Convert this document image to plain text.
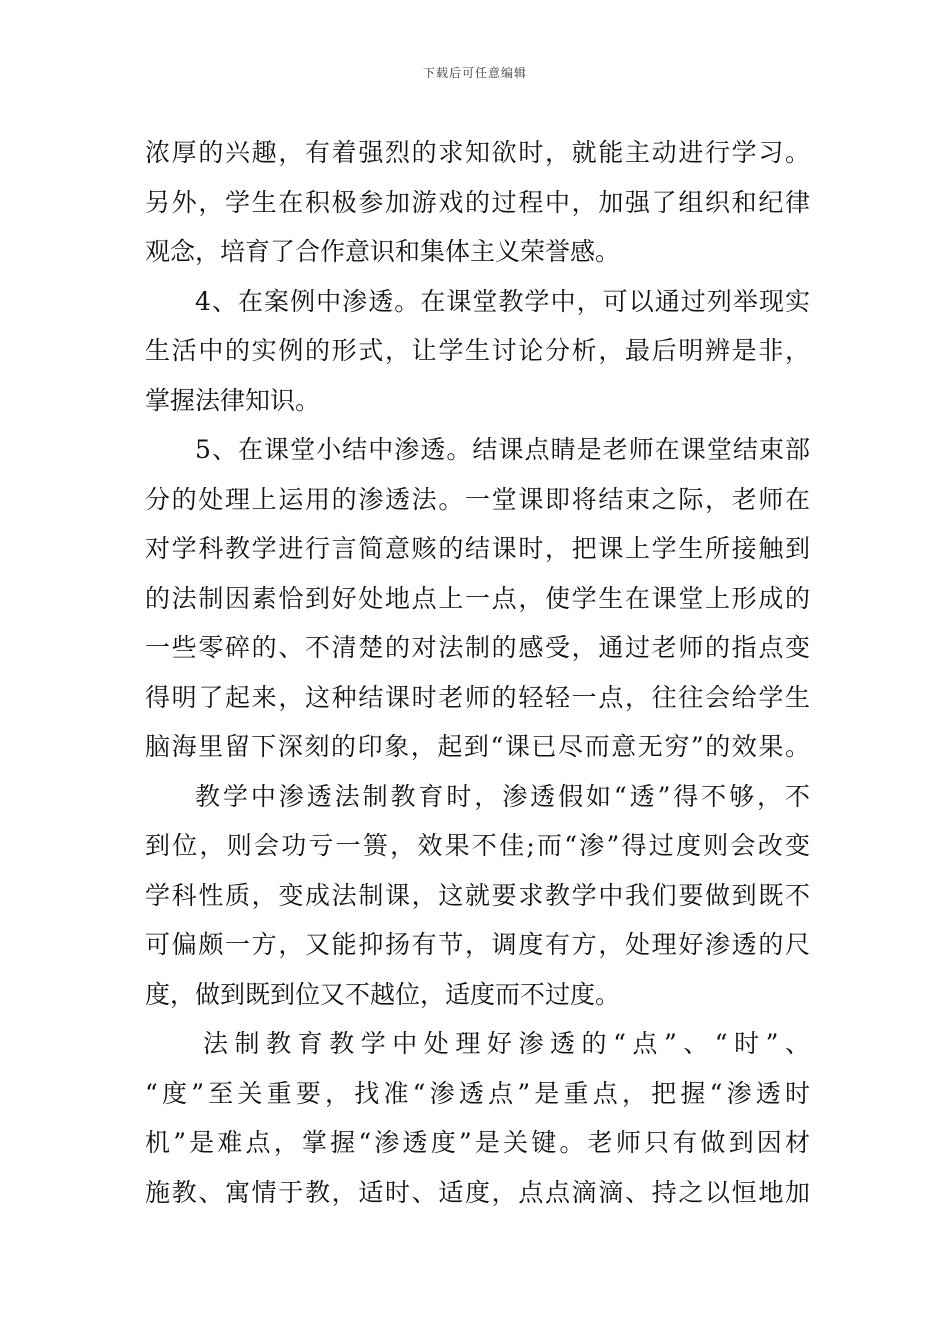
下载后可任意编辑
浓厚的兴趣，有着强烈的求知欲时，就能主动进行学习。
另外，学生在积极参加游戏的过程中，加强了组织和纪律
观念，培育了合作意识和集体主义荣誉感。
4、在案例中渗透。在课堂教学中，可以通过列举现实
生活中的实例的形式，让学生讨论分析，最后明辨是非，
掌握法律知识。
5、在课堂小结中渗透。结课点睛是老师在课堂结束部
分的处理上运用的渗透法。一堂课即将结束之际，老师在
对学科教学进行言简意赅的结课时，把课上学生所接触到
的法制因素恰到好处地点上一点，使学生在课堂上形成的
一些零碎的、不清楚的对法制的感受，通过老师的指点变
得明了起来，这种结课时老师的轻轻一点，往往会给学生
脑海里留下深刻的印象，起到“课已尽而意无穷”的效果。
教学中渗透法制教育时，渗透假如“透”得不够，不
到位，则会功亏一篑，效果不佳;而“渗”得过度则会改变
学科性质，变成法制课，这就要求教学中我们要做到既不
可偏颇一方，又能抑扬有节，调度有方，处理好渗透的尺
度，做到既到位又不越位，适度而不过度。
法制教育教学中处理好渗透的“点”、“时”、
“度”至关重要，找准“渗透点”是重点，把握“渗透时
机”是难点，掌握“渗透度”是关键。老师只有做到因材
施教、寓情于教，适时、适度，点点滴滴、持之以恒地加
